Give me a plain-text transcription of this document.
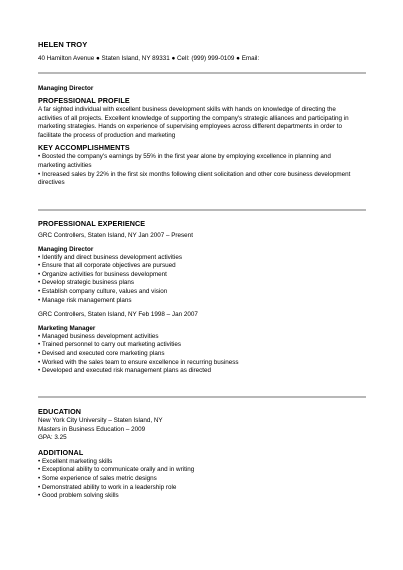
HELEN TROY
40 Hamilton Avenue ● Staten Island, NY 89331 ● Cell: (999) 999-0109 ● Email:
Managing Director
PROFESSIONAL PROFILE

A far sighted individual with excellent business development skills with hands on knowledge of directing the activities of all projects. Excellent knowledge of supporting the company's strategic alliances and participating in marketing strategies. Hands on experience of supervising employees across different departments in order to facilitate the process of production and marketing

KEY ACCOMPLISHMENTS
• Boosted the company's earnings by 55% in the first year alone by employing excellence in planning and marketing activities
• Increased sales by 22% in the first six months following client solicitation and other core business development directives
PROFESSIONAL EXPERIENCE
GRC Controllers, Staten Island, NY Jan 2007 – Present
Managing Director
• Identify and direct business development activities
• Ensure that all corporate objectives are pursued
• Organize activities for business development
• Develop strategic business plans
• Establish company culture, values and vision
• Manage risk management plans
GRC Controllers, Staten Island, NY Feb 1998 – Jan 2007
Marketing Manager
• Managed business development activities
• Trained personnel to carry out marketing activities
• Devised and executed core marketing plans
• Worked with the sales team to ensure excellence in recurring business
• Developed and executed risk management plans as directed
EDUCATION
New York City University – Staten Island, NY
Masters in Business Education – 2009
GPA: 3.25
ADDITIONAL
• Excellent marketing skills
• Exceptional ability to communicate orally and in writing
• Some experience of sales metric designs
• Demonstrated ability to work in a leadership role
• Good problem solving skills
